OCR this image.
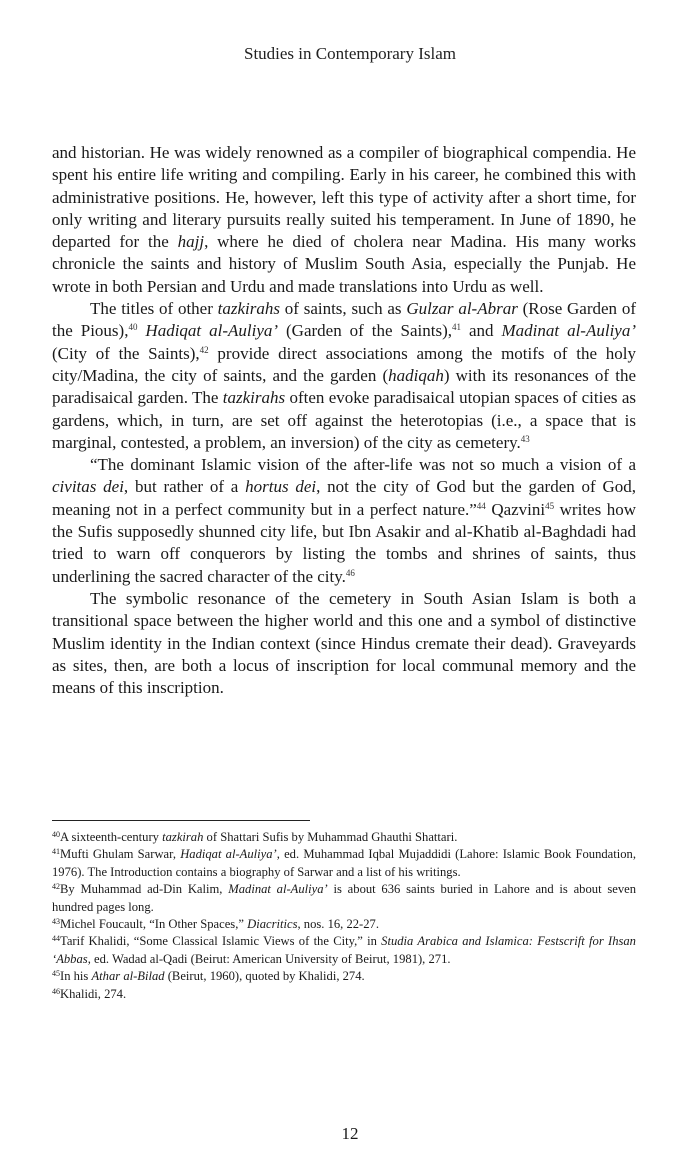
Studies in Contemporary Islam

and historian. He was widely renowned as a compiler of biographical compendia. He spent his entire life writing and compiling. Early in his career, he combined this with administrative positions. He, however, left this type of activity after a short time, for only writing and literary pursuits really suited his temperament. In June of 1890, he departed for the hajj, where he died of cholera near Madina. His many works chronicle the saints and history of Muslim South Asia, especially the Punjab. He wrote in both Persian and Urdu and made translations into Urdu as well.

The titles of other tazkirahs of saints, such as Gulzar al-Abrar (Rose Garden of the Pious),$^{40}$ Hadiqat al-Auliya’ (Garden of the Saints),$^{41}$ and Madinat al-Auliya’ (City of the Saints),$^{42}$ provide direct associations among the motifs of the holy city/Madina, the city of saints, and the garden (hadiqah) with its resonances of the paradisaical garden. The tazkirahs often evoke paradisaical utopian spaces of cities as gardens, which, in turn, are set off against the heterotopias (i.e., a space that is marginal, contested, a problem, an inversion) of the city as cemetery.$^{43}$

“The dominant Islamic vision of the after-life was not so much a vision of a civitas dei, but rather of a hortus dei, not the city of God but the garden of God, meaning not in a perfect community but in a perfect nature.”$^{44}$ Qazvini$^{45}$ writes how the Sufis supposedly shunned city life, but Ibn Asakir and al-Khatib al-Baghdadi had tried to warn off conquerors by listing the tombs and shrines of saints, thus underlining the sacred character of the city.$^{46}$

The symbolic resonance of the cemetery in South Asian Islam is both a transitional space between the higher world and this one and a symbol of distinctive Muslim identity in the Indian context (since Hindus cremate their dead). Graveyards as sites, then, are both a locus of inscription for local communal memory and the means of this inscription.

$^{40}$A sixteenth-century tazkirah of Shattari Sufis by Muhammad Ghauthi Shattari.

$^{41}$Mufti Ghulam Sarwar, Hadiqat al-Auliya’, ed. Muhammad Iqbal Mujaddidi (Lahore: Islamic Book Foundation, 1976). The Introduction contains a biography of Sarwar and a list of his writings.

$^{42}$By Muhammad ad-Din Kalim, Madinat al-Auliya’ is about 636 saints buried in Lahore and is about seven hundred pages long.

$^{43}$Michel Foucault, “In Other Spaces,” Diacritics, nos. 16, 22-27.

$^{44}$Tarif Khalidi, “Some Classical Islamic Views of the City,” in Studia Arabica and Islamica: Festscrift for Ihsan ‘Abbas, ed. Wadad al-Qadi (Beirut: American University of Beirut, 1981), 271.

$^{45}$In his Athar al-Bilad (Beirut, 1960), quoted by Khalidi, 274.

$^{46}$Khalidi, 274.

12
